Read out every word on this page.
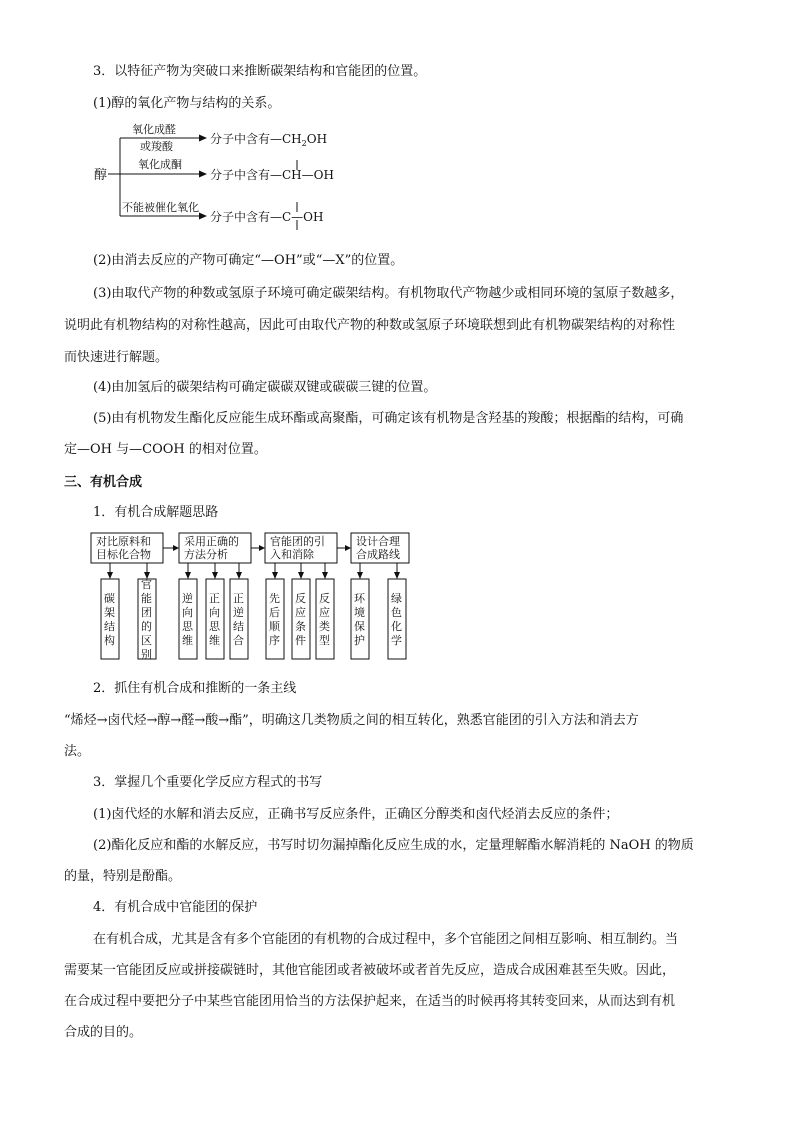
3．以特征产物为突破口来推断碳架结构和官能团的位置。
(1)醇的氧化产物与结构的关系。
醇
氧化成醛
或羧酸
分子中含有$—CH_2OH$
氧化成酮
分子中含有—CH—OH
不能被催化氧化
分子中含有—C—OH
(2)由消去反应的产物可确定“—OH”或“—X”的位置。
(3)由取代产物的种数或氢原子环境可确定碳架结构。有机物取代产物越少或相同环境的氢原子数越多，
说明此有机物结构的对称性越高，因此可由取代产物的种数或氢原子环境联想到此有机物碳架结构的对称性
而快速进行解题。
(4)由加氢后的碳架结构可确定碳碳双键或碳碳三键的位置。
(5)由有机物发生酯化反应能生成环酯或高聚酯，可确定该有机物是含羟基的羧酸；根据酯的结构，可确
定—OH 与—COOH 的相对位置。
三、有机合成
1．有机合成解题思路
对比原料和
目标化合物
采用正确的
方法分析
官能团的引
入和消除
设计合理
合成路线
碳
架
结
构
官
能
团
的
区
别
逆
向
思
维
正
向
思
维
正
逆
结
合
先
后
顺
序
反
应
条
件
反
应
类
型
环
境
保
护
绿
色
化
学
2．抓住有机合成和推断的一条主线
“烯烃→卤代烃→醇→醛→酸→酯”，明确这几类物质之间的相互转化，熟悉官能团的引入方法和消去方
法。
3．掌握几个重要化学反应方程式的书写
(1)卤代烃的水解和消去反应，正确书写反应条件，正确区分醇类和卤代烃消去反应的条件；
(2)酯化反应和酯的水解反应，书写时切勿漏掉酯化反应生成的水，定量理解酯水解消耗的 NaOH 的物质
的量，特别是酚酯。
4．有机合成中官能团的保护
在有机合成，尤其是含有多个官能团的有机物的合成过程中，多个官能团之间相互影响、相互制约。当
需要某一官能团反应或拼接碳链时，其他官能团或者被破坏或者首先反应，造成合成困难甚至失败。因此，
在合成过程中要把分子中某些官能团用恰当的方法保护起来，在适当的时候再将其转变回来，从而达到有机
合成的目的。
